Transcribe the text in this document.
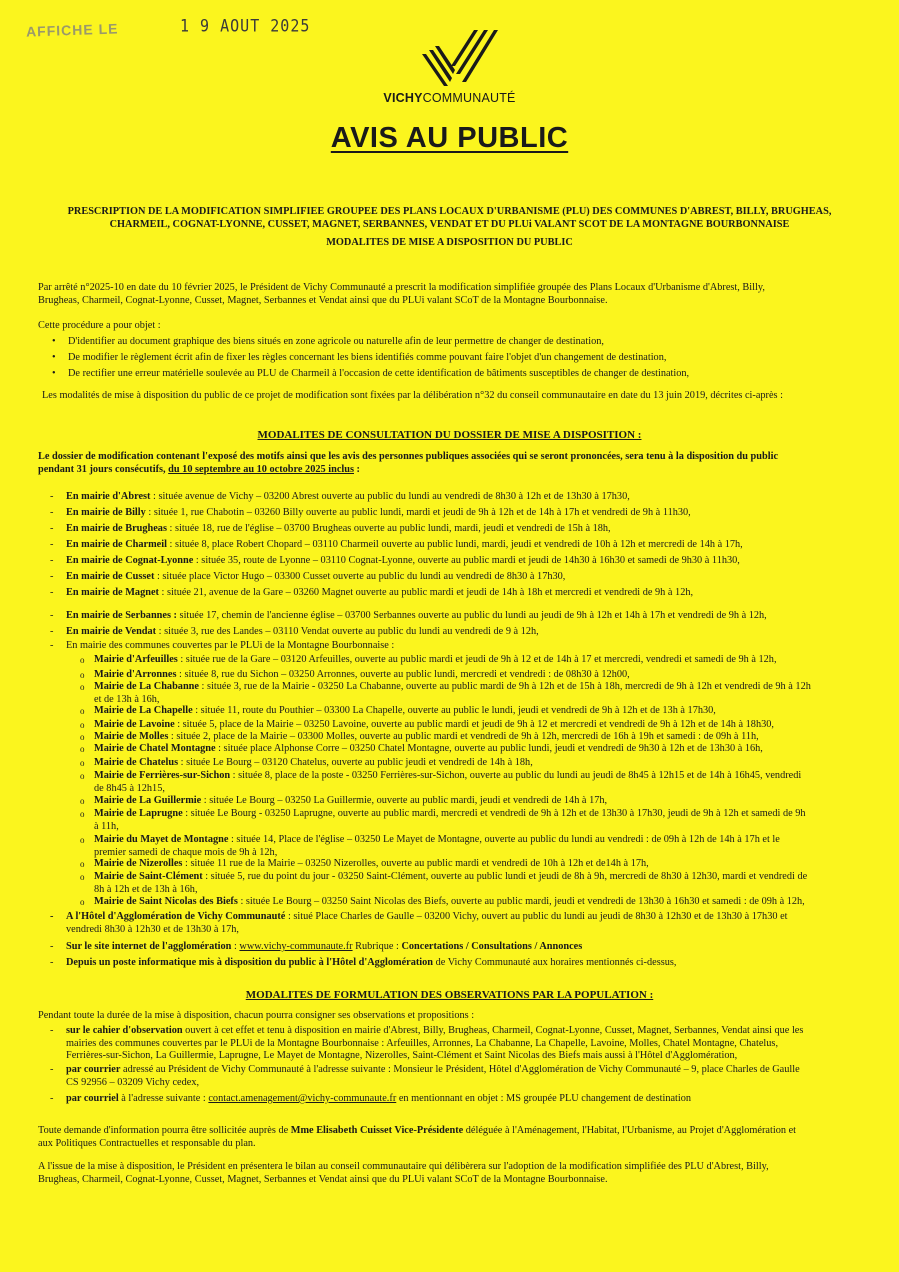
AFFICHE LE	1 9 AOUT 2025
VICHYCOMMUNAUTÉ
AVIS AU PUBLIC

PRESCRIPTION DE LA MODIFICATION SIMPLIFIEE GROUPEE DES PLANS LOCAUX D'URBANISME (PLU) DES COMMUNES D'ABREST, BILLY, BRUGHEAS,

CHARMEIL, COGNAT-LYONNE, CUSSET, MAGNET, SERBANNES, VENDAT ET DU PLUi VALANT SCOT DE LA MONTAGNE BOURBONNAISE

MODALITES DE MISE A DISPOSITION DU PUBLIC

Par arrêté n°2025-10 en date du 10 février 2025, le Président de Vichy Communauté a prescrit la modification simplifiée groupée des Plans Locaux d'Urbanisme d'Abrest, Billy,

Brugheas, Charmeil, Cognat-Lyonne, Cusset, Magnet, Serbannes et Vendat ainsi que du PLUi valant SCoT de la Montagne Bourbonnaise.

Cette procédure a pour objet :
• D'identifier au document graphique des biens situés en zone agricole ou naturelle afin de leur permettre de changer de destination,
• De modifier le règlement écrit afin de fixer les règles concernant les biens identifiés comme pouvant faire l'objet d'un changement de destination,
• De rectifier une erreur matérielle soulevée au PLU de Charmeil à l'occasion de cette identification de bâtiments susceptibles de changer de destination,
Les modalités de mise à disposition du public de ce projet de modification sont fixées par la délibération n°32 du conseil communautaire en date du 13 juin 2019, décrites ci-après :
MODALITES DE CONSULTATION DU DOSSIER DE MISE A DISPOSITION :

Le dossier de modification contenant l'exposé des motifs ainsi que les avis des personnes publiques associées qui se seront prononcées, sera tenu à la disposition du public

pendant 31 jours consécutifs, du 10 septembre au 10 octobre 2025 inclus :

-	En mairie d'Abrest : située avenue de Vichy – 03200 Abrest ouverte au public du lundi au vendredi de 8h30 à 12h et de 13h30 à 17h30,
-	En mairie de Billy : située 1, rue Chabotin – 03260 Billy ouverte au public lundi, mardi et jeudi de 9h à 12h et de 14h à 17h et vendredi de 9h à 11h30,
-	En mairie de Brugheas : située 18, rue de l'église – 03700 Brugheas ouverte au public lundi, mardi, jeudi et vendredi de 15h à 18h,
-	En mairie de Charmeil : située 8, place Robert Chopard – 03110 Charmeil ouverte au public lundi, mardi, jeudi et vendredi de 10h à 12h et mercredi de 14h à 17h,
-	En mairie de Cognat-Lyonne : située 35, route de Lyonne – 03110 Cognat-Lyonne, ouverte au public mardi et jeudi de 14h30 à 16h30 et samedi de 9h30 à 11h30,
-	En mairie de Cusset : située place Victor Hugo – 03300 Cusset ouverte au public du lundi au vendredi de 8h30 à 17h30,
-	En mairie de Magnet : située 21, avenue de la Gare – 03260 Magnet ouverte au public mardi et jeudi de 14h à 18h et mercredi et vendredi de 9h à 12h,
-	En mairie de Serbannes : située 17, chemin de l'ancienne église – 03700 Serbannes ouverte au public du lundi au jeudi de 9h à 12h et 14h à 17h et vendredi de 9h à 12h,
-	En mairie de Vendat : située 3, rue des Landes – 03110 Vendat ouverte au public du lundi au vendredi de 9 à 12h,
-	En mairie des communes couvertes par le PLUi de la Montagne Bourbonnaise :
o Mairie d'Arfeuilles : située rue de la Gare – 03120 Arfeuilles, ouverte au public mardi et jeudi de 9h à 12 et de 14h à 17 et mercredi, vendredi et samedi de 9h à 12h,

o Mairie d'Arronnes : située 8, rue du Sichon – 03250 Arronnes, ouverte au public lundi, mercredi et vendredi : de 08h30 à 12h00,

o Mairie de La Chabanne : située 3, rue de la Mairie - 03250 La Chabanne, ouverte au public mardi de 9h à 12h et de 15h à 18h, mercredi de 9h à 12h et vendredi de 9h à 12h

et de 13h à 16h,

o Mairie de La Chapelle : située 11, route du Pouthier – 03300 La Chapelle, ouverte au public le lundi, jeudi et vendredi de 9h à 12h et de 13h à 17h30,

o Mairie de Lavoine : située 5, place de la Mairie – 03250 Lavoine, ouverte au public mardi et jeudi de 9h à 12 et mercredi et vendredi de 9h à 12h et de 14h à 18h30,

o Mairie de Molles : située 2, place de la Mairie – 03300 Molles, ouverte au public mardi et vendredi de 9h à 12h, mercredi de 16h à 19h et samedi : de 09h à 11h,

o Mairie de Chatel Montagne : située place Alphonse Corre – 03250 Chatel Montagne, ouverte au public lundi, jeudi et vendredi de 9h30 à 12h et de 13h30 à 16h,

o Mairie de Chatelus : située Le Bourg – 03120 Chatelus, ouverte au public jeudi et vendredi de 14h à 18h,

o Mairie de Ferrières-sur-Sichon : située 8, place de la poste - 03250 Ferrières-sur-Sichon, ouverte au public du lundi au jeudi de 8h45 à 12h15 et de 14h à 16h45, vendredi

de 8h45 à 12h15,

o Mairie de La Guillermie : située Le Bourg – 03250 La Guillermie, ouverte au public mardi, jeudi et vendredi de 14h à 17h,

o Mairie de Laprugne : située Le Bourg - 03250 Laprugne, ouverte au public mardi, mercredi et vendredi de 9h à 12h et de 13h30 à 17h30, jeudi de 9h à 12h et samedi de 9h

à 11h,

o Mairie du Mayet de Montagne : située 14, Place de l'église – 03250 Le Mayet de Montagne, ouverte au public du lundi au vendredi : de 09h à 12h de 14h à 17h et le

premier samedi de chaque mois de 9h à 12h,

o Mairie de Nizerolles : située 11 rue de la Mairie – 03250 Nizerolles, ouverte au public mardi et vendredi de 10h à 12h et de14h à 17h,

o Mairie de Saint-Clément : située 5, rue du point du jour - 03250 Saint-Clément, ouverte au public lundi et jeudi de 8h à 9h, mercredi de 8h30 à 12h30, mardi et vendredi de

8h à 12h et de 13h à 16h,

o Mairie de Saint Nicolas des Biefs : située Le Bourg – 03250 Saint Nicolas des Biefs, ouverte au public mardi, jeudi et vendredi de 13h30 à 16h30 et samedi : de 09h à 12h,

-	A l'Hôtel d'Agglomération de Vichy Communauté : situé Place Charles de Gaulle – 03200 Vichy, ouvert au public du lundi au jeudi de 8h30 à 12h30 et de 13h30 à 17h30 et

vendredi 8h30 à 12h30 et de 13h30 à 17h,

-	Sur le site internet de l'agglomération : www.vichy-communaute.fr Rubrique : Concertations / Consultations / Annonces
-	Depuis un poste informatique mis à disposition du public à l'Hôtel d'Agglomération de Vichy Communauté aux horaires mentionnés ci-dessus,
MODALITES DE FORMULATION DES OBSERVATIONS PAR LA POPULATION :
Pendant toute la durée de la mise à disposition, chacun pourra consigner ses observations et propositions :
-	sur le cahier d'observation ouvert à cet effet et tenu à disposition en mairie d'Abrest, Billy, Brugheas, Charmeil, Cognat-Lyonne, Cusset, Magnet, Serbannes, Vendat ainsi que les

mairies des communes couvertes par le PLUi de la Montagne Bourbonnaise : Arfeuilles, Arronnes, La Chabanne, La Chapelle, Lavoine, Molles, Chatel Montagne, Chatelus,

Ferrières-sur-Sichon, La Guillermie, Laprugne, Le Mayet de Montagne, Nizerolles, Saint-Clément et Saint Nicolas des Biefs mais aussi à l'Hôtel d'Agglomération,

-	par courrier adressé au Président de Vichy Communauté à l'adresse suivante : Monsieur le Président, Hôtel d'Agglomération de Vichy Communauté – 9, place Charles de Gaulle

CS 92956 – 03209 Vichy cedex,

-	par courriel à l'adresse suivante : contact.amenagement@vichy-communaute.fr en mentionnant en objet : MS groupée PLU changement de destination

Toute demande d'information pourra être sollicitée auprès de Mme Elisabeth Cuisset Vice-Présidente déléguée à l'Aménagement, l'Habitat, l'Urbanisme, au Projet d'Agglomération et

aux Politiques Contractuelles et responsable du plan.

A l'issue de la mise à disposition, le Président en présentera le bilan au conseil communautaire qui délibèrera sur l'adoption de la modification simplifiée des PLU d'Abrest, Billy,

Brugheas, Charmeil, Cognat-Lyonne, Cusset, Magnet, Serbannes et Vendat ainsi que du PLUi valant SCoT de la Montagne Bourbonnaise.
